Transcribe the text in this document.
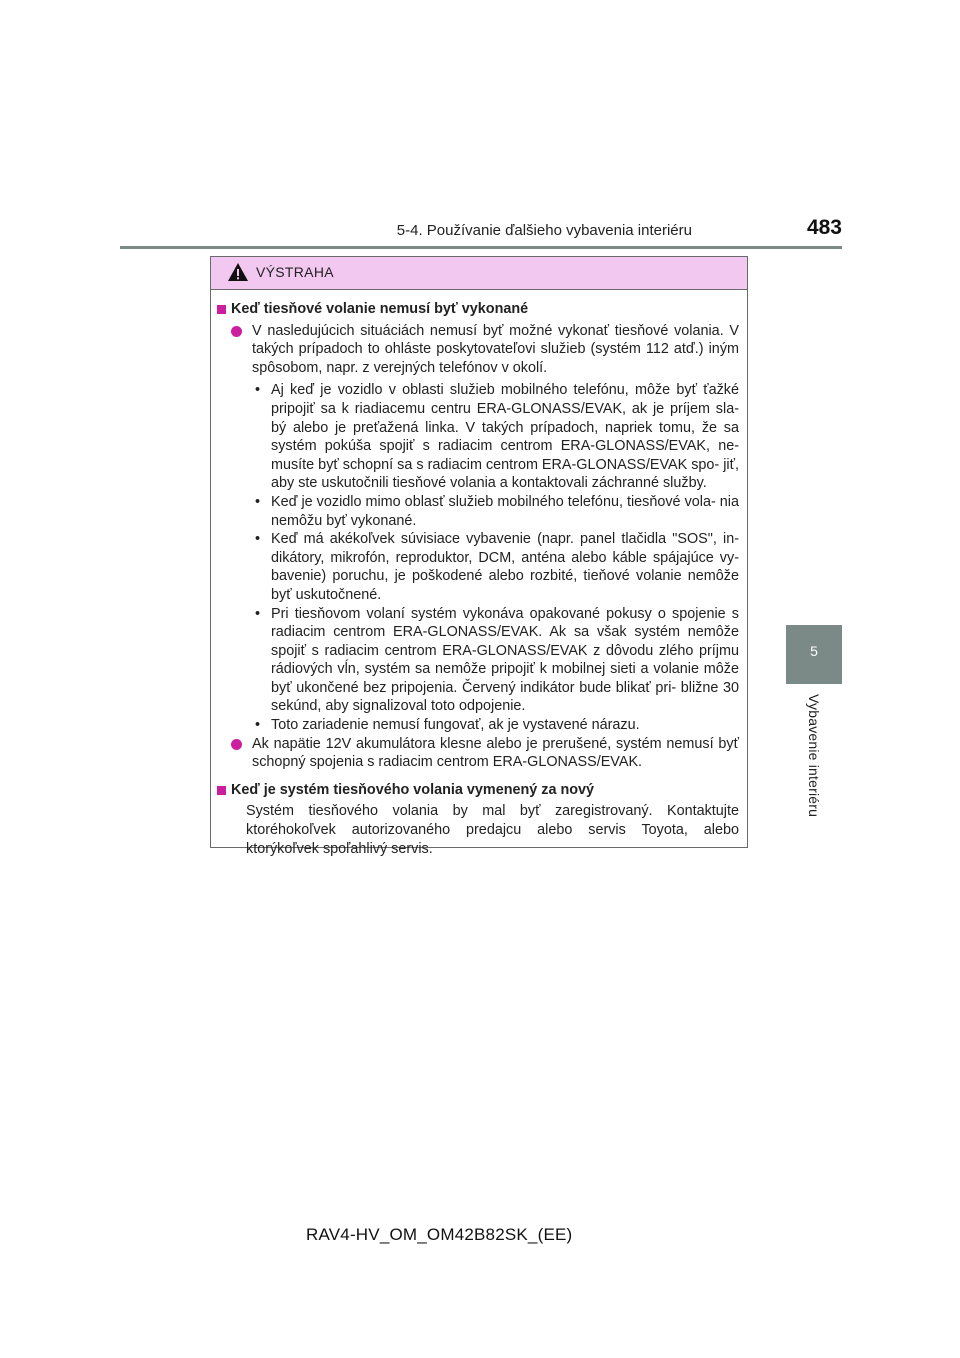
5-4. Používanie ďalšieho vybavenia interiéru	483
5
Vybavenie interiéru
VÝSTRAHA
Keď tiesňové volanie nemusí byť vykonané
V nasledujúcich situáciách nemusí byť možné vykonať tiesňové volania. V takých prípadoch to ohláste poskytovateľovi služieb (systém 112 atď.) iným spôsobom, napr. z verejných telefónov v okolí.
• Aj keď je vozidlo v oblasti služieb mobilného telefónu, môže byť ťažké pripojiť sa k riadiacemu centru ERA-GLONASS/EVAK, ak je príjem sla- bý alebo je preťažená linka. V takých prípadoch, napriek tomu, že sa systém pokúša spojiť s radiacim centrom ERA-GLONASS/EVAK, ne- musíte byť schopní sa s radiacim centrom ERA-GLONASS/EVAK spo- jiť, aby ste uskutočnili tiesňové volania a kontaktovali záchranné služby.
• Keď je vozidlo mimo oblasť služieb mobilného telefónu, tiesňové vola- nia nemôžu byť vykonané.
• Keď má akékoľvek súvisiace vybavenie (napr. panel tlačidla "SOS", in- dikátory, mikrofón, reproduktor, DCM, anténa alebo káble spájajúce vy- bavenie) poruchu, je poškodené alebo rozbité, tieňové volanie nemôže byť uskutočnené.
• Pri tiesňovom volaní systém vykonáva opakované pokusy o spojenie s radiacim centrom ERA-GLONASS/EVAK. Ak sa však systém nemôže spojiť s radiacim centrom ERA-GLONASS/EVAK z dôvodu zlého príjmu rádiových vĺn, systém sa nemôže pripojiť k mobilnej sieti a volanie môže byť ukončené bez pripojenia. Červený indikátor bude blikať pri- bližne 30 sekúnd, aby signalizoval toto odpojenie.
• Toto zariadenie nemusí fungovať, ak je vystavené nárazu.
Ak napätie 12V akumulátora klesne alebo je prerušené, systém nemusí byť schopný spojenia s radiacim centrom ERA-GLONASS/EVAK.
Keď je systém tiesňového volania vymenený za nový

Systém tiesňového volania by mal byť zaregistrovaný. Kontaktujte ktoréhokoľvek autorizovaného predajcu alebo servis Toyota, alebo ktorýkoľvek spoľahlivý servis.

RAV4-HV_OM_OM42B82SK_(EE)
